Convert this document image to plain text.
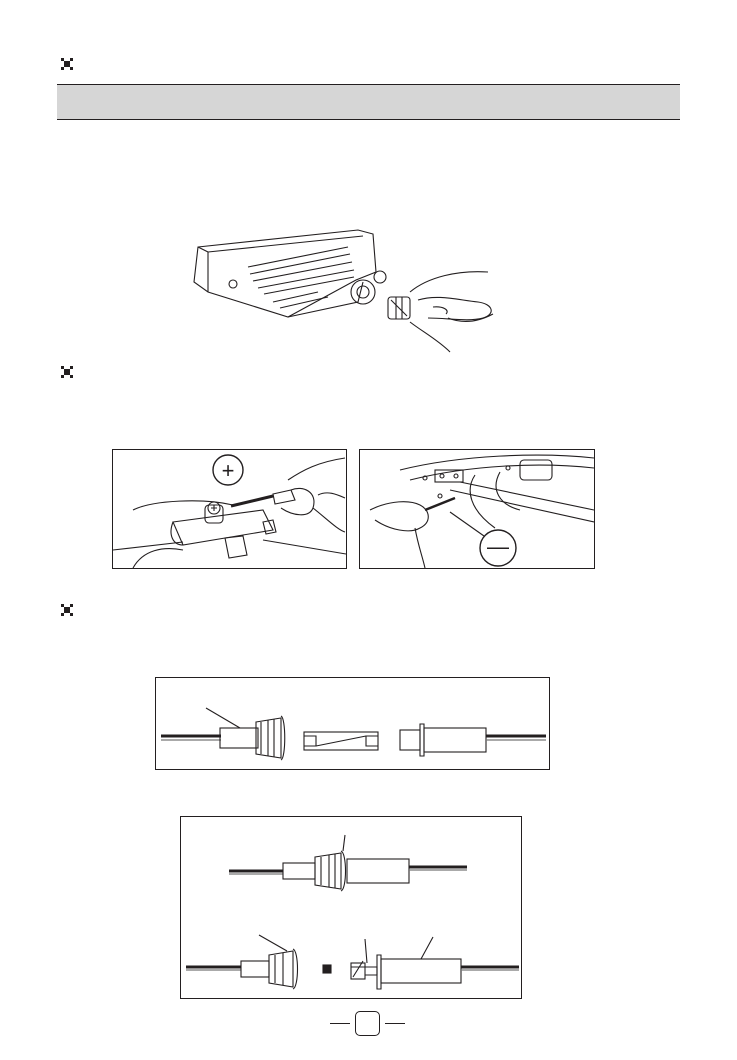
+
—
